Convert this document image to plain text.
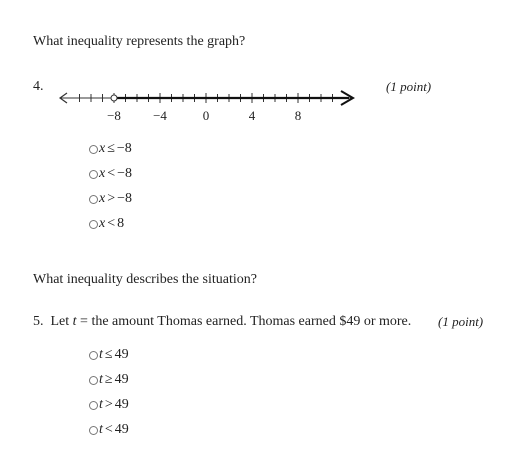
What inequality represents the graph?
4.	(1 point)
−8 −4	0	4	8
x ≤ −8
x < −8
x > −8
x < 8
What inequality describes the situation?
5. Let t = the amount Thomas earned. Thomas earned $49 or more. (1 point)
t ≤ 49
t ≥ 49
t > 49
t < 49
